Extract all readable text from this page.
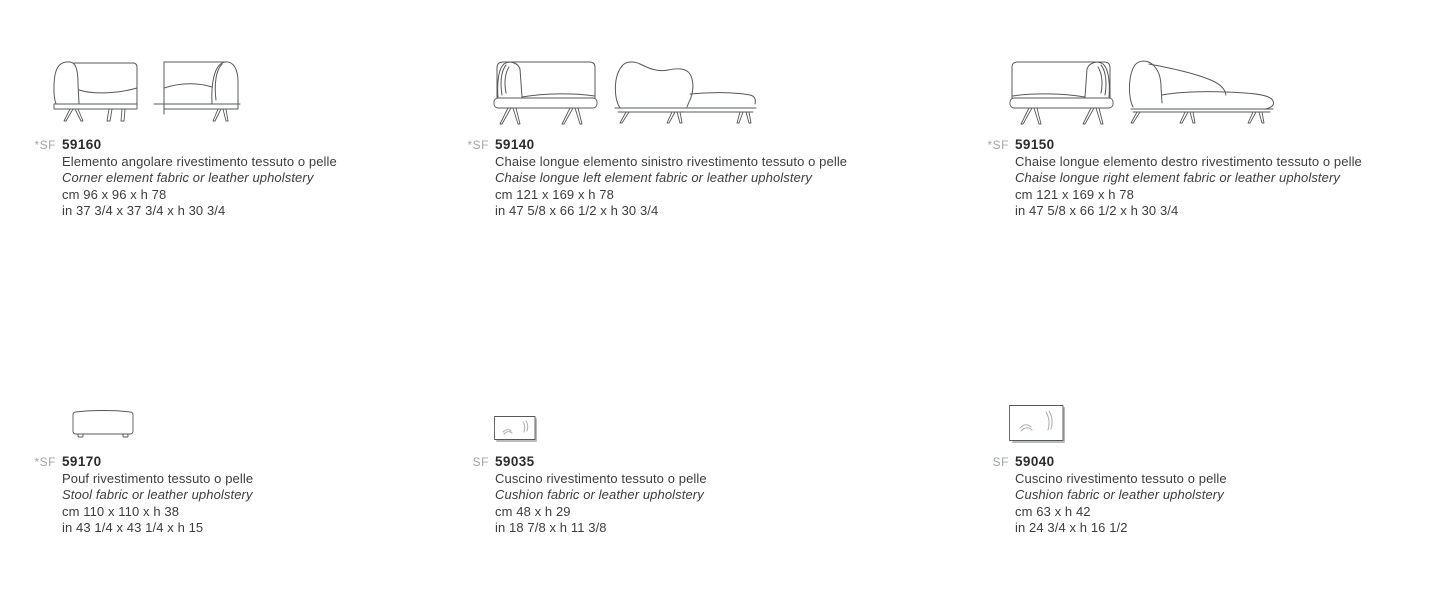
*SF 59160
Elemento angolare rivestimento tessuto o pelle
Corner element fabric or leather upholstery
cm 96 x 96 x h 78
in 37 3/4 x 37 3/4 x h 30 3/4
*SF 59140
Chaise longue elemento sinistro rivestimento tessuto o pelle
Chaise longue left element fabric or leather upholstery
cm 121 x 169 x h 78
in 47 5/8 x 66 1/2 x h 30 3/4
*SF 59150
Chaise longue elemento destro rivestimento tessuto o pelle
Chaise longue right element fabric or leather upholstery
cm 121 x 169 x h 78
in 47 5/8 x 66 1/2 x h 30 3/4
*SF 59170
Pouf rivestimento tessuto o pelle
Stool fabric or leather upholstery
cm 110 x 110 x h 38
in 43 1/4 x 43 1/4 x h 15
SF 59035
Cuscino rivestimento tessuto o pelle
Cushion fabric or leather upholstery
cm 48 x h 29
in 18 7/8 x h 11 3/8
SF 59040
Cuscino rivestimento tessuto o pelle
Cushion fabric or leather upholstery
cm 63 x h 42
in 24 3/4 x h 16 1/2
